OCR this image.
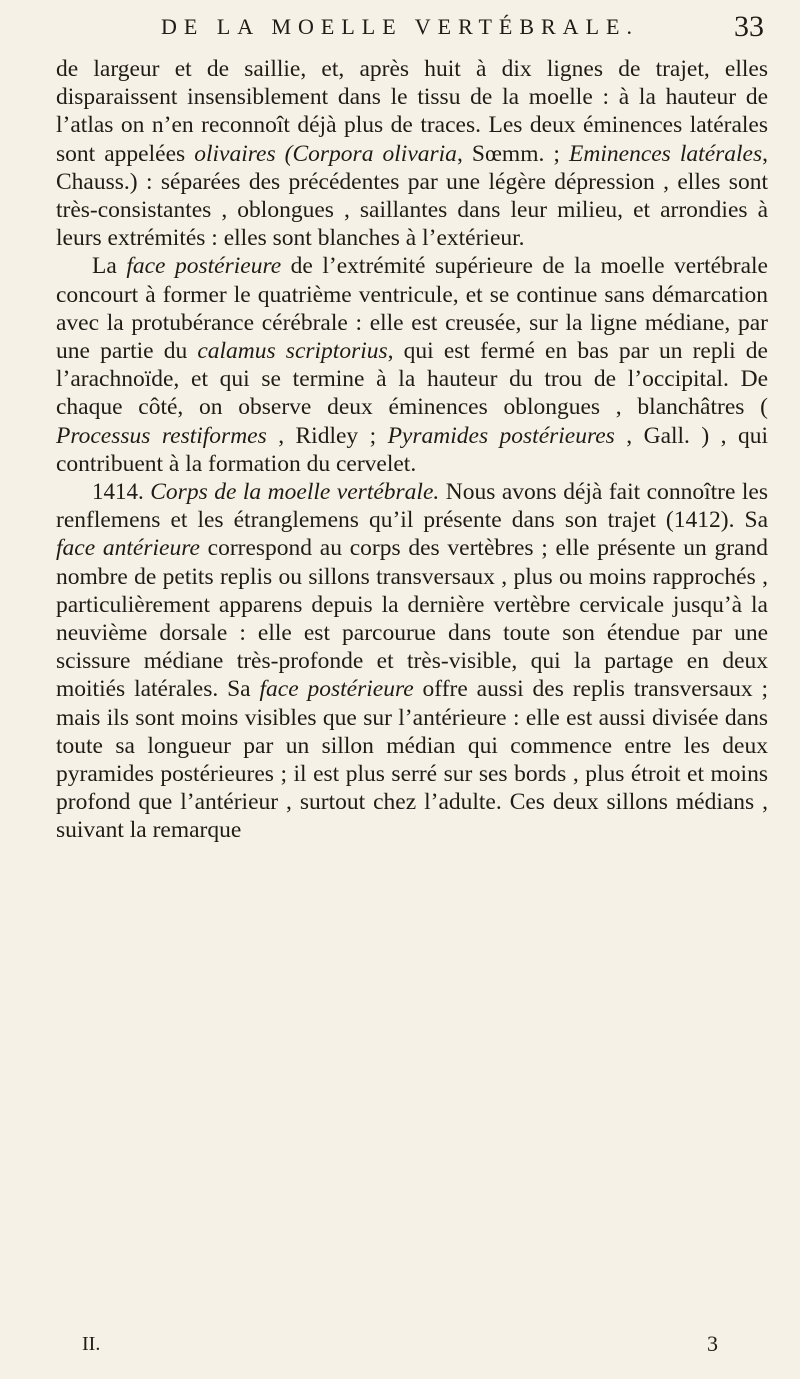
DE LA MOELLE VERTÉBRALE.	33

de largeur et de saillie, et, après huit à dix lignes de trajet, elles disparaissent insensiblement dans le tissu de la moelle : à la hauteur de l’atlas on n’en reconnoît déjà plus de traces. Les deux éminences latérales sont appelées olivaires (Corpora olivaria, Sœmm. ; Eminences latérales, Chauss.) : séparées des précédentes par une légère dépression , elles sont très-consistantes , oblongues , saillantes dans leur milieu, et arrondies à leurs extrémités : elles sont blanches à l’extérieur.

La face postérieure de l’extrémité supérieure de la moelle vertébrale concourt à former le quatrième ventricule, et se continue sans démarcation avec la protubérance cérébrale : elle est creusée, sur la ligne médiane, par une partie du calamus scriptorius, qui est fermé en bas par un repli de l’arachnoïde, et qui se termine à la hauteur du trou de l’occipital. De chaque côté, on observe deux éminences oblongues , blanchâtres ( Processus restiformes , Ridley ; Pyramides postérieures , Gall. ) , qui contribuent à la formation du cervelet.

1414. Corps de la moelle vertébrale. Nous avons déjà fait connoître les renflemens et les étranglemens qu’il présente dans son trajet (1412). Sa face antérieure correspond au corps des vertèbres ; elle présente un grand nombre de petits replis ou sillons transversaux , plus ou moins rapprochés , particulièrement apparens depuis la dernière vertèbre cervicale jusqu’à la neuvième dorsale : elle est parcourue dans toute son étendue par une scissure médiane très-profonde et très-visible, qui la partage en deux moitiés latérales. Sa face postérieure offre aussi des replis transversaux ; mais ils sont moins visibles que sur l’antérieure : elle est aussi divisée dans toute sa longueur par un sillon médian qui commence entre les deux pyramides postérieures ; il est plus serré sur ses bords , plus étroit et moins profond que l’antérieur , surtout chez l’adulte. Ces deux sillons médians , suivant la remarque

II.	3
